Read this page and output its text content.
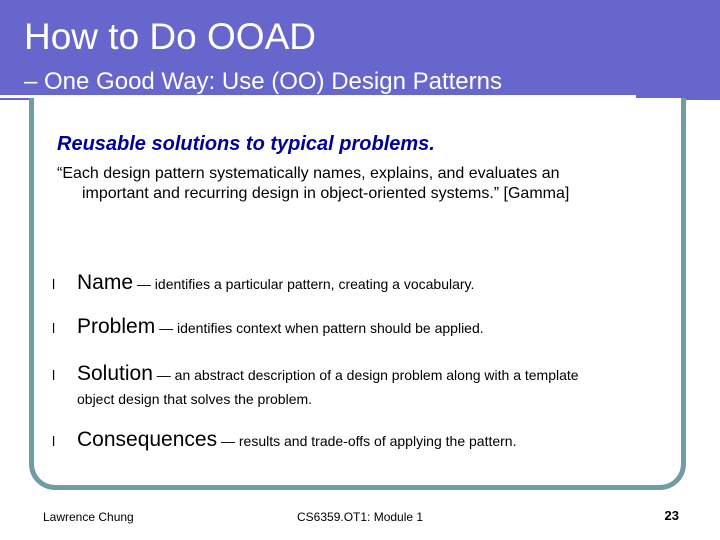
How to Do OOAD
– One Good Way: Use (OO) Design Patterns
Reusable solutions to typical problems.
“Each design pattern systematically names, explains, and evaluates an
important and recurring design in object-oriented systems.” [Gamma]
l Name — identifies a particular pattern, creating a vocabulary.
l Problem — identifies context when pattern should be applied.
l Solution — an abstract description of a design problem along with a template
object design that solves the problem.
l Consequences — results and trade-offs of applying the pattern.
Lawrence Chung	CS6359.OT1: Module 1	23
